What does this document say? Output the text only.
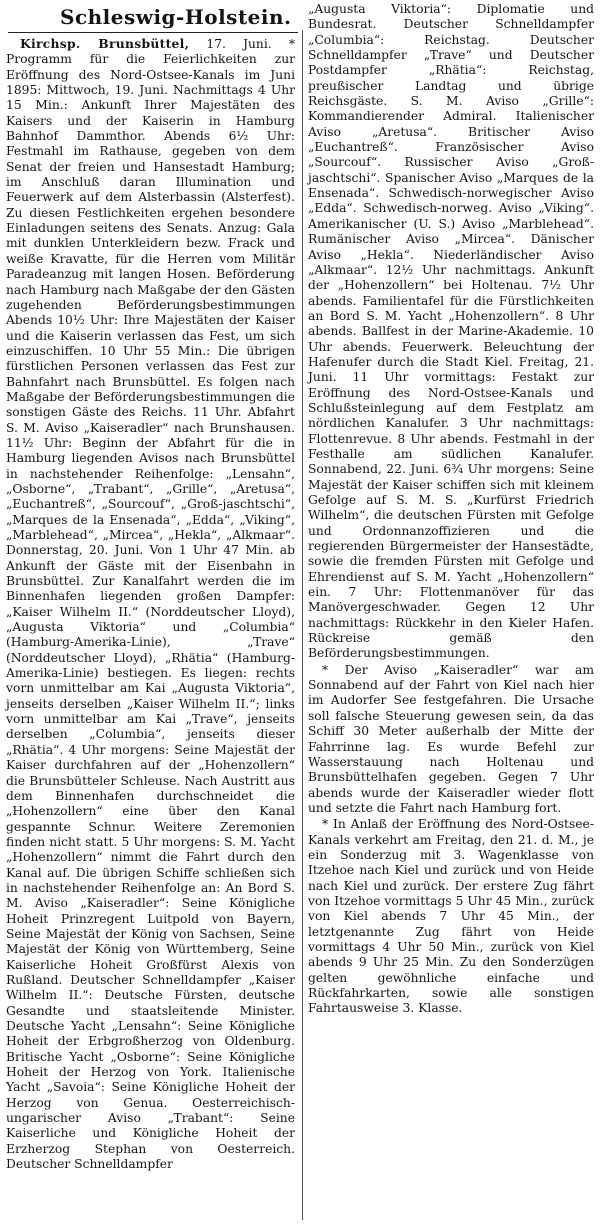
Schleswig-Holstein.

Kirchsp. Brunsbüttel, 17. Juni. * Programm für die Feierlichkeiten zur Eröffnung des Nord-Ostsee-Kanals im Juni 1895: Mittwoch, 19. Juni. Nachmittags 4 Uhr 15 Min.: Ankunft Ihrer Majestäten des Kaisers und der Kaiserin in Hamburg Bahnhof Dammthor. Abends 6½ Uhr: Festmahl im Rathause, gegeben von dem Senat der freien und Hansestadt Hamburg; im Anschluß daran Illumination und Feuerwerk auf dem Alsterbassin (Alsterfest). Zu diesen Festlichkeiten ergehen besondere Einladungen seitens des Senats. Anzug: Gala mit dunklen Unterkleidern bezw. Frack und weiße Kravatte, für die Herren vom Militär Paradeanzug mit langen Hosen. Beförderung nach Hamburg nach Maßgabe der den Gästen zugehenden Beförderungsbestimmungen Abends 10½ Uhr: Ihre Majestäten der Kaiser und die Kaiserin verlassen das Fest, um sich einzuschiffen. 10 Uhr 55 Min.: Die übrigen fürstlichen Personen verlassen das Fest zur Bahnfahrt nach Brunsbüttel. Es folgen nach Maßgabe der Beförderungsbestimmungen die sonstigen Gäste des Reichs. 11 Uhr. Abfahrt S. M. Aviso „Kaiseradler“ nach Brunshausen. 11½ Uhr: Beginn der Abfahrt für die in Hamburg liegenden Avisos nach Brunsbüttel in nachstehender Reihenfolge: „Lensahn“, „Osborne“, „Trabant“, „Grille“, „Aretusa“, „Euchantreß“, „Sourcouf“, „Groß-jaschtschi“, „Marques de la Ensenada“, „Edda“, „Viking“, „Marblehead“, „Mircea“, „Hekla“, „Alkmaar“. Donnerstag, 20. Juni. Von 1 Uhr 47 Min. ab Ankunft der Gäste mit der Eisenbahn in Brunsbüttel. Zur Kanalfahrt werden die im Binnenhafen liegenden großen Dampfer: „Kaiser Wilhelm II.“ (Norddeutscher Lloyd), „Augusta Viktoria“ und „Columbia“ (Hamburg-Amerika-Linie), „Trave“ (Norddeutscher Lloyd), „Rhätia“ (Hamburg-Amerika-Linie) bestiegen. Es liegen: rechts vorn unmittelbar am Kai „Augusta Viktoria“, jenseits derselben „Kaiser Wilhelm II.“; links vorn unmittelbar am Kai „Trave“, jenseits derselben „Columbia“, jenseits dieser „Rhätia“. 4 Uhr morgens: Seine Majestät der Kaiser durchfahren auf der „Hohenzollern“ die Brunsbütteler Schleuse. Nach Austritt aus dem Binnenhafen durchschneidet die „Hohenzollern“ eine über den Kanal gespannte Schnur. Weitere Zeremonien finden nicht statt. 5 Uhr morgens: S. M. Yacht „Hohenzollern“ nimmt die Fahrt durch den Kanal auf. Die übrigen Schiffe schließen sich in nachstehender Reihenfolge an: An Bord S. M. Aviso „Kaiseradler“: Seine Königliche Hoheit Prinzregent Luitpold von Bayern, Seine Majestät der König von Sachsen, Seine Majestät der König von Württemberg, Seine Kaiserliche Hoheit Großfürst Alexis von Rußland. Deutscher Schnelldampfer „Kaiser Wilhelm II.“: Deutsche Fürsten, deutsche Gesandte und staatsleitende Minister. Deutsche Yacht „Lensahn“: Seine Königliche Hoheit der Erbgroßherzog von Oldenburg. Britische Yacht „Osborne“: Seine Königliche Hoheit der Herzog von York. Italienische Yacht „Savoia“: Seine Königliche Hoheit der Herzog von Genua. Oesterreichisch-ungarischer Aviso „Trabant“: Seine Kaiserliche und Königliche Hoheit der Erzherzog Stephan von Oesterreich. Deutscher Schnelldampfer

„Augusta Viktoria“: Diplomatie und Bundesrat. Deutscher Schnelldampfer „Columbia“: Reichstag. Deutscher Schnelldampfer „Trave“ und Deutscher Postdampfer „Rhätia“: Reichstag, preußischer Landtag und übrige Reichsgäste. S. M. Aviso „Grille“: Kommandierender Admiral. Italienischer Aviso „Aretusa“. Britischer Aviso „Euchantreß“. Französischer Aviso „Sourcouf“. Russischer Aviso „Groß-jaschtschi“. Spanischer Aviso „Marques de la Ensenada“. Schwedisch-norwegischer Aviso „Edda“. Schwedisch-norweg. Aviso „Viking“. Amerikanischer (U. S.) Aviso „Marblehead“. Rumänischer Aviso „Mircea“. Dänischer Aviso „Hekla“. Niederländischer Aviso „Alkmaar“. 12½ Uhr nachmittags. Ankunft der „Hohenzollern“ bei Holtenau. 7½ Uhr abends. Familientafel für die Fürstlichkeiten an Bord S. M. Yacht „Hohenzollern“. 8 Uhr abends. Ballfest in der Marine-Akademie. 10 Uhr abends. Feuerwerk. Beleuchtung der Hafenufer durch die Stadt Kiel. Freitag, 21. Juni. 11 Uhr vormittags: Festakt zur Eröffnung des Nord-Ostsee-Kanals und Schlußsteinlegung auf dem Festplatz am nördlichen Kanalufer. 3 Uhr nachmittags: Flottenrevue. 8 Uhr abends. Festmahl in der Festhalle am südlichen Kanalufer. Sonnabend, 22. Juni. 6¾ Uhr morgens: Seine Majestät der Kaiser schiffen sich mit kleinem Gefolge auf S. M. S. „Kurfürst Friedrich Wilhelm“, die deutschen Fürsten mit Gefolge und Ordonnanzoffizieren und die regierenden Bürgermeister der Hansestädte, sowie die fremden Fürsten mit Gefolge und Ehrendienst auf S. M. Yacht „Hohenzollern“ ein. 7 Uhr: Flottenmanöver für das Manövergeschwader. Gegen 12 Uhr nachmittags: Rückkehr in den Kieler Hafen. Rückreise gemäß den Beförderungsbestimmungen.

* Der Aviso „Kaiseradler“ war am Sonnabend auf der Fahrt von Kiel nach hier im Audorfer See festgefahren. Die Ursache soll falsche Steuerung gewesen sein, da das Schiff 30 Meter außerhalb der Mitte der Fahrrinne lag. Es wurde Befehl zur Wasserstauung nach Holtenau und Brunsbüttelhafen gegeben. Gegen 7 Uhr abends wurde der Kaiseradler wieder flott und setzte die Fahrt nach Hamburg fort.

* In Anlaß der Eröffnung des Nord-Ostsee-Kanals verkehrt am Freitag, den 21. d. M., je ein Sonderzug mit 3. Wagenklasse von Itzehoe nach Kiel und zurück und von Heide nach Kiel und zurück. Der erstere Zug fährt von Itzehoe vormittags 5 Uhr 45 Min., zurück von Kiel abends 7 Uhr 45 Min., der letztgenannte Zug fährt von Heide vormittags 4 Uhr 50 Min., zurück von Kiel abends 9 Uhr 25 Min. Zu den Sonderzügen gelten gewöhnliche einfache und Rückfahrkarten, sowie alle sonstigen Fahrtausweise 3. Klasse.
